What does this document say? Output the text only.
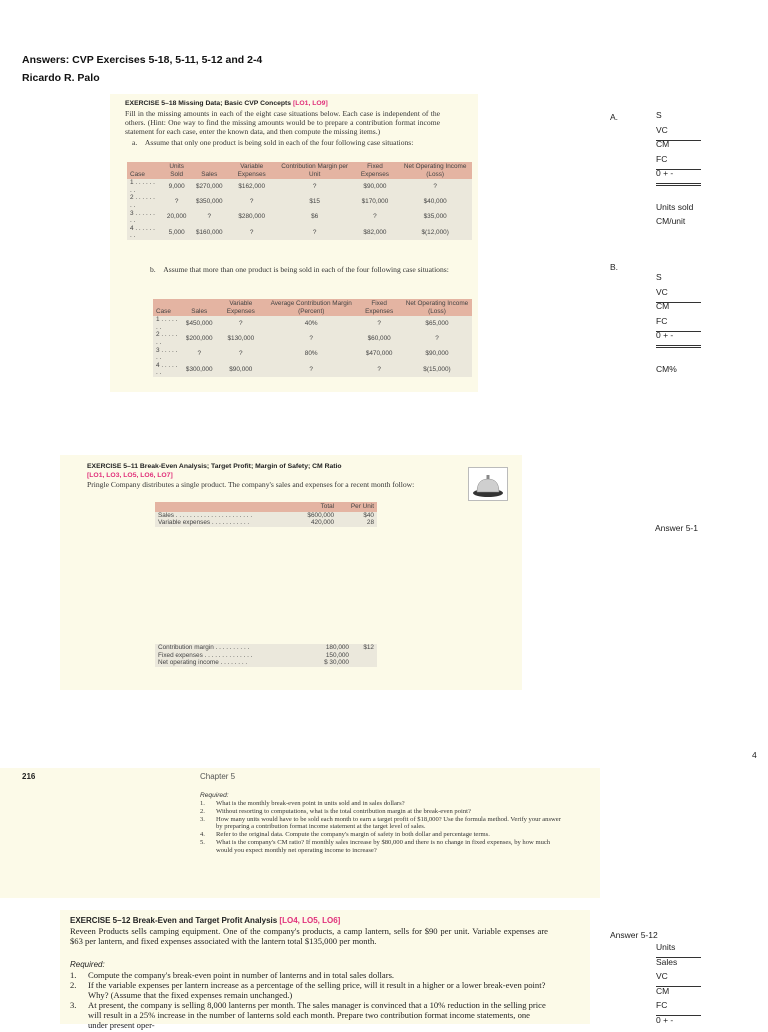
Answers: CVP Exercises 5-18, 5-11, 5-12 and 2-4
Ricardo R. Palo
EXERCISE 5–18 Missing Data; Basic CVP Concepts [LO1, LO9]
Fill in the missing amounts in each of the eight case situations below. Each case is independent of the others. (Hint: One way to find the missing amounts would be to prepare a contribution format income statement for each case, enter the known data, and then compute the missing items.)
a. Assume that only one product is being sold in each of the four following case situations:
Case	Units Sold	Sales	Variable Expenses	Contribution Margin per Unit	Fixed Expenses	Net Operating Income (Loss)
1 . . . . . . . .	9,000	$270,000	$162,000	?	$90,000	?
2 . . . . . . . .	?	$350,000	?	$15	$170,000	$40,000
3 . . . . . . . .	20,000	?	$280,000	$6	?	$35,000
4 . . . . . . . .	5,000	$160,000	?	?	$82,000	$(12,000)
b. Assume that more than one product is being sold in each of the four following case situations:
Case	Sales	Variable Expenses	Average Contribution Margin (Percent)	Fixed Expenses	Net Operating Income (Loss)
1 . . . . . . .	$450,000	?	40%	?	$65,000
2 . . . . . . .	$200,000	$130,000	?	$60,000	?
3 . . . . . . .	?	?	80%	$470,000	$90,000
4 . . . . . . .	$300,000	$90,000	?	?	$(15,000)
A.	S
VC
CM
FC
0 + -
Units sold
CM/unit
B.
S
VC
CM
FC
0 + -
CM%
EXERCISE 5–11 Break-Even Analysis; Target Profit; Margin of Safety; CM Ratio
[LO1, LO3, LO5, LO6, LO7]
Pringle Company distributes a single product. The company's sales and expenses for a recent month follow:
	Total	Per Unit
Sales . . . . . . . . . . . . . . . . . . . . . .	$600,000	$40
Variable expenses . . . . . . . . . . .	420,000	28
Contribution margin . . . . . . . . . .	180,000	$12
Fixed expenses . . . . . . . . . . . . . .	150,000	
Net operating income . . . . . . . .	$ 30,000	
Answer 5-1
4
216	Chapter 5
Required:
1. What is the monthly break-even point in units sold and in sales dollars?
2. Without resorting to computations, what is the total contribution margin at the break-even point?
3. How many units would have to be sold each month to earn a target profit of $18,000? Use the formula method. Verify your answer by preparing a contribution format income statement at the target level of sales.
4. Refer to the original data. Compute the company's margin of safety in both dollar and percentage terms.
5. What is the company's CM ratio? If monthly sales increase by $80,000 and there is no change in fixed expenses, by how much would you expect monthly net operating income to increase?
EXERCISE 5–12 Break-Even and Target Profit Analysis [LO4, LO5, LO6]
Reveen Products sells camping equipment. One of the company's products, a camp lantern, sells for $90 per unit. Variable expenses are $63 per lantern, and fixed expenses associated with the lantern total $135,000 per month.
Required:
1. Compute the company's break-even point in number of lanterns and in total sales dollars.
2. If the variable expenses per lantern increase as a percentage of the selling price, will it result in a higher or a lower break-even point? Why? (Assume that the fixed expenses remain unchanged.)
3. At present, the company is selling 8,000 lanterns per month. The sales manager is convinced that a 10% reduction in the selling price will result in a 25% increase in the number of lanterns sold each month. Prepare two contribution format income statements, one under present oper-
Answer 5-12
Units
Sales
VC
CM
FC
0 + -
